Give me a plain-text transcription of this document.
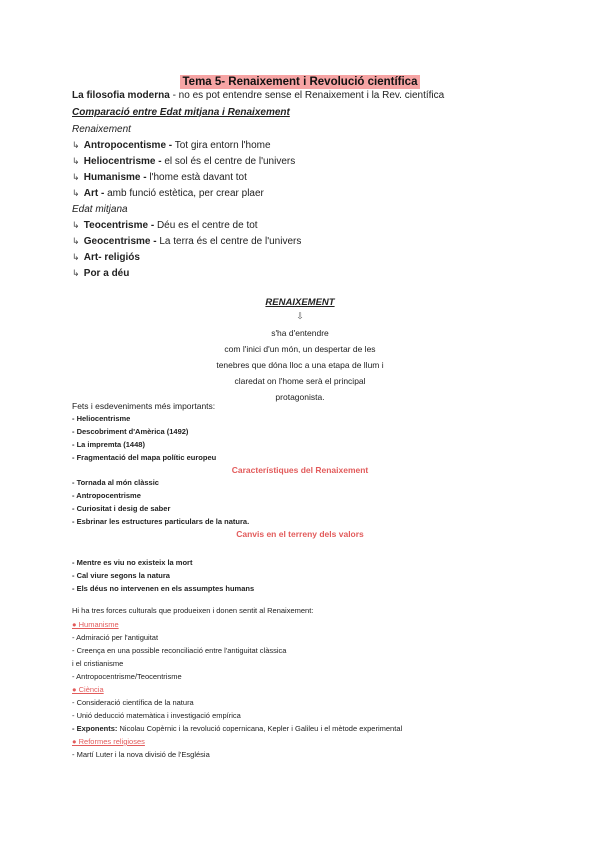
Tema 5- Renaixement i Revolució científica
La filosofia moderna - no es pot entendre sense el Renaixement i la Rev. científica
Comparació entre Edat mitjana i Renaixement
Renaixement
↳ Antropocentisme - Tot gira entorn l'home
↳ Heliocentrisme - el sol és el centre de l'univers
↳ Humanisme - l'home està davant tot
↳ Art - amb funció estètica, per crear plaer
Edat mitjana
↳ Teocentrisme - Déu es el centre de tot
↳ Geocentrisme - La terra és el centre de l'univers
↳ Art- religiós
↳ Por a déu
RENAIXEMENT
⇩
s'ha d'entendre
com l'inici d'un món, un despertar de les
tenebres que dóna lloc a una etapa de llum i
claredat on l'home serà el principal
protagonista.
Fets i esdeveniments més importants:
- Heliocentrisme
- Descobriment d'Amèrica (1492)
- La impremta (1448)
- Fragmentació del mapa polític europeu
Característiques del Renaixement
- Tornada al món clàssic
- Antropocentrisme
- Curiositat i desig de saber
- Esbrinar les estructures particulars de la natura.
Canvis en el terreny dels valors
- Mentre es viu no existeix la mort
- Cal viure segons la natura
- Els déus no intervenen en els assumptes humans
Hi ha tres forces culturals que produeixen i donen sentit al Renaixement:
● Humanisme
- Admiració per l'antiguitat
- Creença en una possible reconciliació entre l'antiguitat clàssica
i el cristianisme
- Antropocentrisme/Teocentrisme
● Ciència
- Consideració científica de la natura
- Unió deducció matemàtica i investigació empírica
- Exponents: Nicolau Copèrnic i la revolució copernicana, Kepler i Galileu i el mètode experimental
● Reformes religioses
- Martí Luter i la nova divisió de l'Església
